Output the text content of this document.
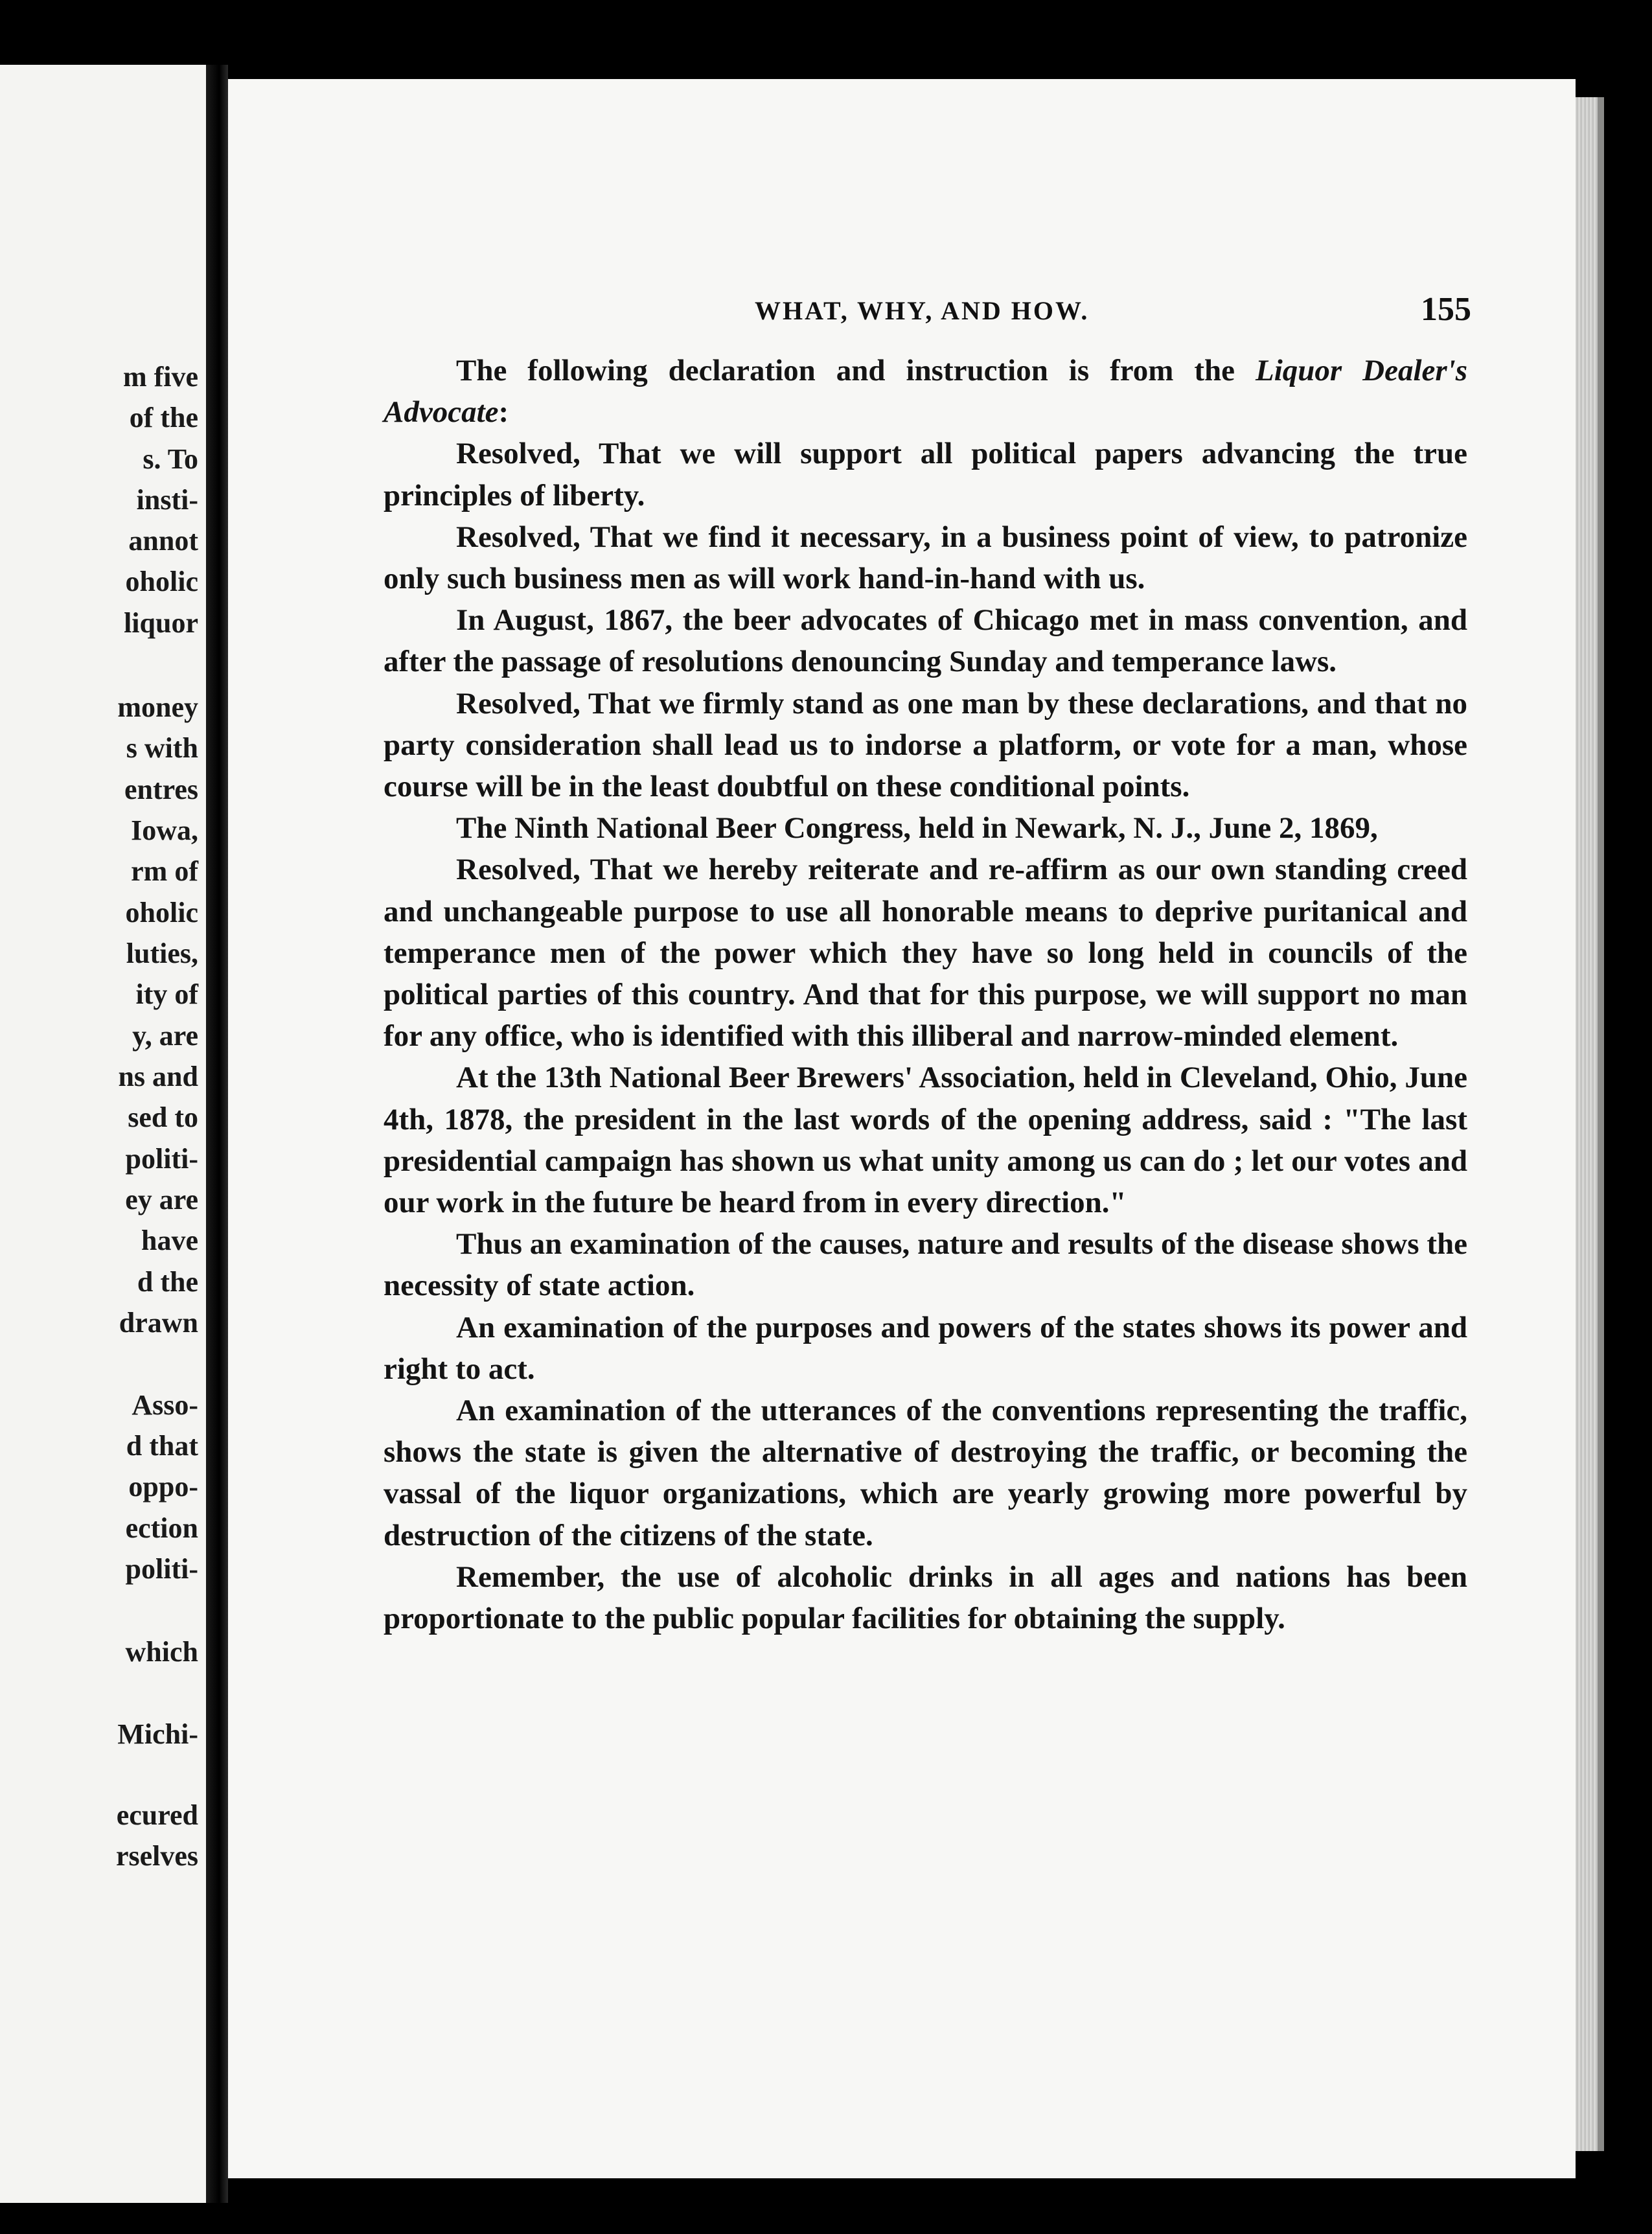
m five
of the
s. To
insti-
annot
oholic
liquor
money
s with
entres
Iowa,
rm of
oholic
luties,
ity of
y, are
ns and
sed to
politi-
ey are
have
d the
drawn
Asso-
d that
oppo-
ection
politi-
which
Michi-
ecured
rselves
WHAT, WHY, AND HOW.	155

The following declaration and instruction is from the Liquor Dealer's Advocate:

Resolved, That we will support all political papers advancing the true principles of liberty.

Resolved, That we find it necessary, in a business point of view, to patronize only such business men as will work hand-in-hand with us.

In August, 1867, the beer advocates of Chicago met in mass convention, and after the passage of resolutions denouncing Sunday and temperance laws.

Resolved, That we firmly stand as one man by these declarations, and that no party consideration shall lead us to indorse a platform, or vote for a man, whose course will be in the least doubtful on these conditional points.

The Ninth National Beer Congress, held in Newark, N. J., June 2, 1869,

Resolved, That we hereby reiterate and re-affirm as our own standing creed and unchangeable purpose to use all honorable means to deprive puritanical and temperance men of the power which they have so long held in councils of the political parties of this country. And that for this purpose, we will support no man for any office, who is identified with this illiberal and narrow-minded element.

At the 13th National Beer Brewers' Association, held in Cleveland, Ohio, June 4th, 1878, the president in the last words of the opening address, said : "The last presidential campaign has shown us what unity among us can do ; let our votes and our work in the future be heard from in every direction."

Thus an examination of the causes, nature and results of the disease shows the necessity of state action.

An examination of the purposes and powers of the states shows its power and right to act.

An examination of the utterances of the conventions representing the traffic, shows the state is given the alternative of destroying the traffic, or becoming the vassal of the liquor organizations, which are yearly growing more powerful by destruction of the citizens of the state.

Remember, the use of alcoholic drinks in all ages and nations has been proportionate to the public popular facilities for obtaining the supply.
